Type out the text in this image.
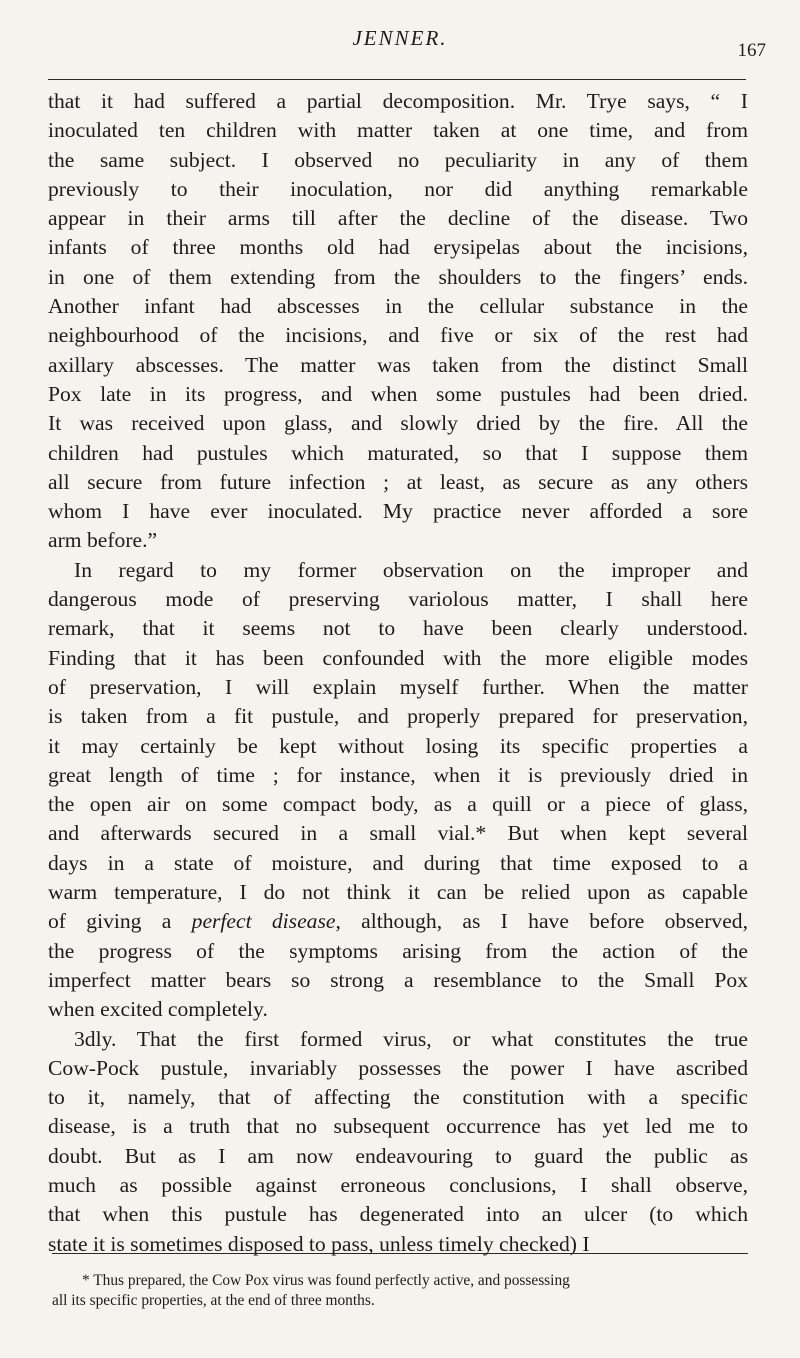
JENNER.
167
that it had suffered a partial decomposition. Mr. Trye says, “ I
inoculated ten children with matter taken at one time, and from
the same subject. I observed no peculiarity in any of them
previously to their inoculation, nor did anything remarkable
appear in their arms till after the decline of the disease. Two
infants of three months old had erysipelas about the incisions,
in one of them extending from the shoulders to the fingers’ ends.
Another infant had abscesses in the cellular substance in the
neighbourhood of the incisions, and five or six of the rest had
axillary abscesses. The matter was taken from the distinct Small
Pox late in its progress, and when some pustules had been dried.
It was received upon glass, and slowly dried by the fire. All the
children had pustules which maturated, so that I suppose them
all secure from future infection ; at least, as secure as any others
whom I have ever inoculated. My practice never afforded a sore
arm before.”
In regard to my former observation on the improper and
dangerous mode of preserving variolous matter, I shall here
remark, that it seems not to have been clearly understood.
Finding that it has been confounded with the more eligible modes
of preservation, I will explain myself further. When the matter
is taken from a fit pustule, and properly prepared for preservation,
it may certainly be kept without losing its specific properties a
great length of time ; for instance, when it is previously dried in
the open air on some compact body, as a quill or a piece of glass,
and afterwards secured in a small vial.* But when kept several
days in a state of moisture, and during that time exposed to a
warm temperature, I do not think it can be relied upon as capable
of giving a perfect disease, although, as I have before observed,
the progress of the symptoms arising from the action of the
imperfect matter bears so strong a resemblance to the Small Pox
when excited completely.
3dly. That the first formed virus, or what constitutes the true
Cow-Pock pustule, invariably possesses the power I have ascribed
to it, namely, that of affecting the constitution with a specific
disease, is a truth that no subsequent occurrence has yet led me to
doubt. But as I am now endeavouring to guard the public as
much as possible against erroneous conclusions, I shall observe,
that when this pustule has degenerated into an ulcer (to which
state it is sometimes disposed to pass, unless timely checked) I
* Thus prepared, the Cow Pox virus was found perfectly active, and possessing
all its specific properties, at the end of three months.
